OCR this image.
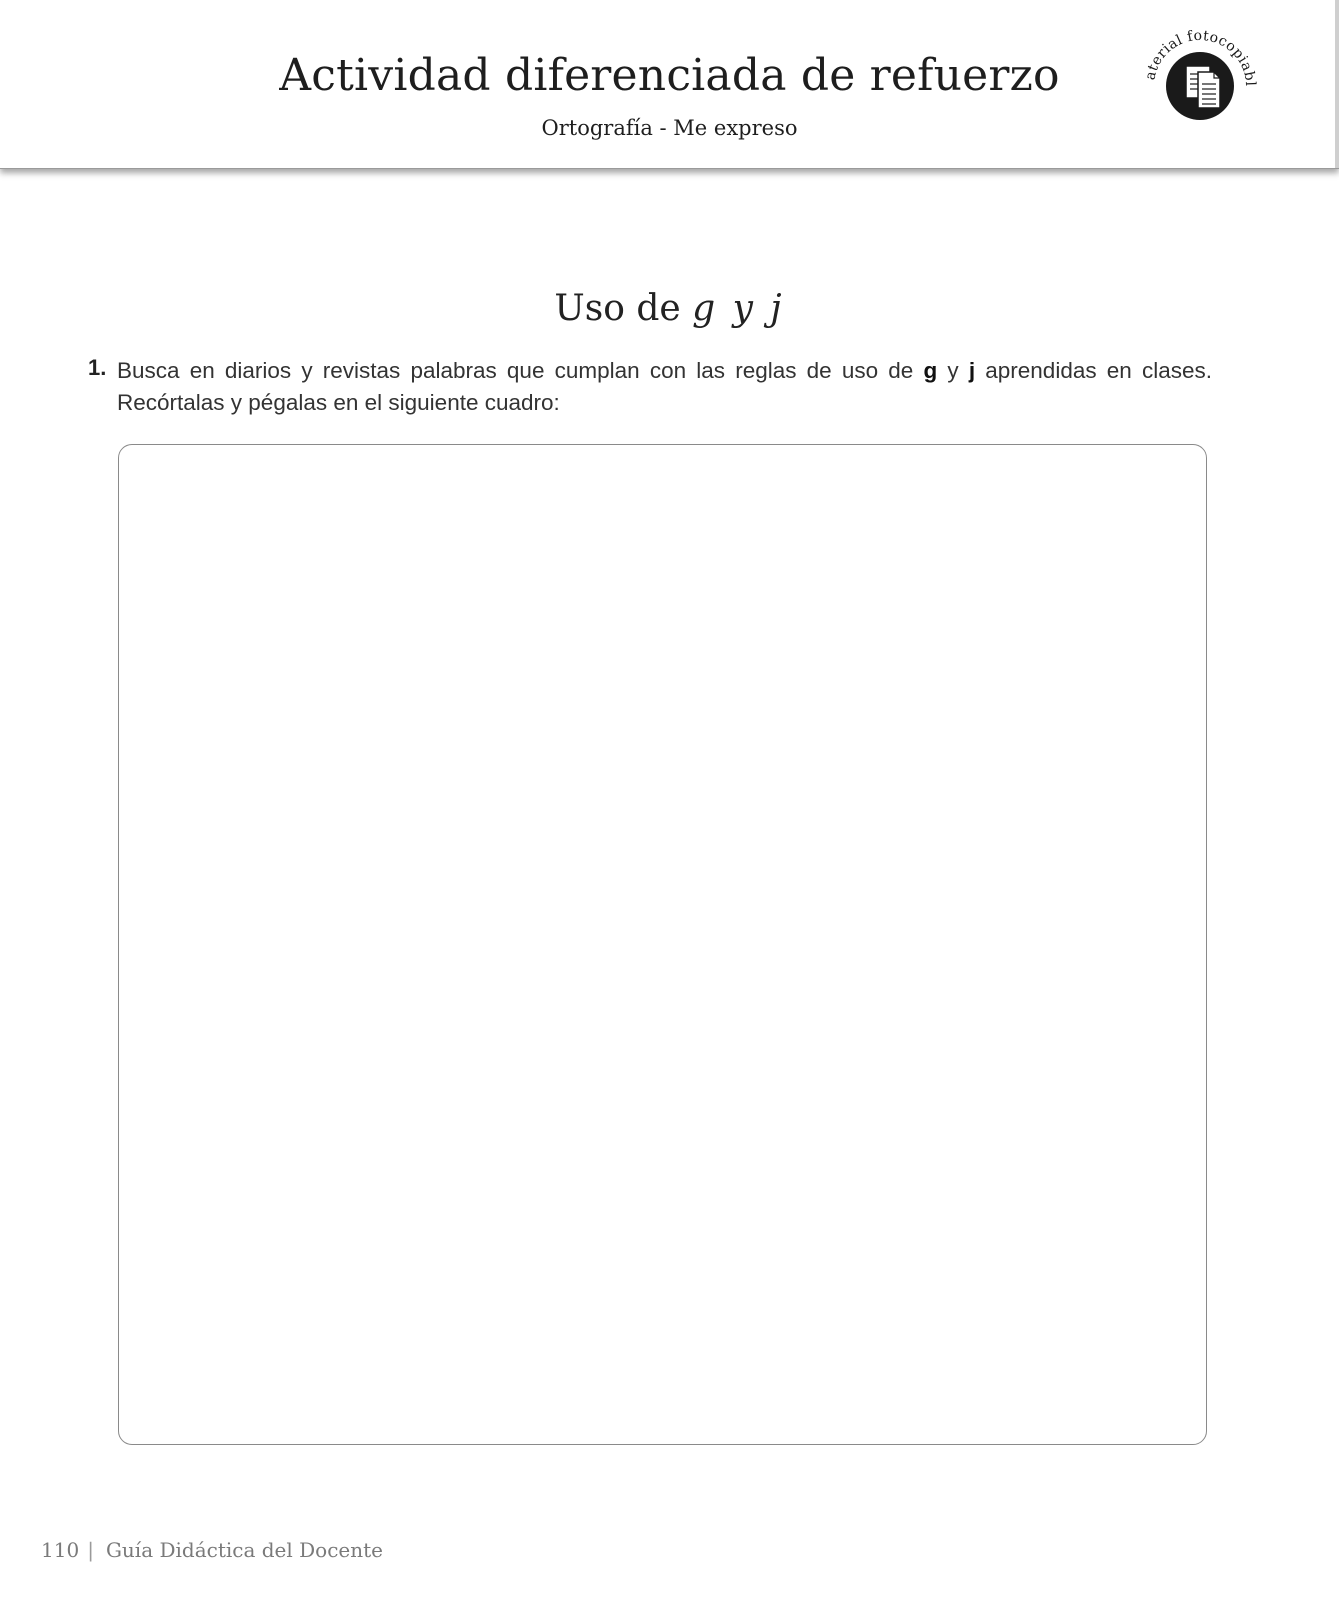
Actividad diferenciada de refuerzo
Ortografía - Me expreso
aterial fotocopiabl
Uso de g y j
1. Busca en diarios y revistas palabras que cumplan con las reglas de uso de g y j aprendidas en clases.
Recórtalas y pégalas en el siguiente cuadro:
110 | Guía Didáctica del Docente
